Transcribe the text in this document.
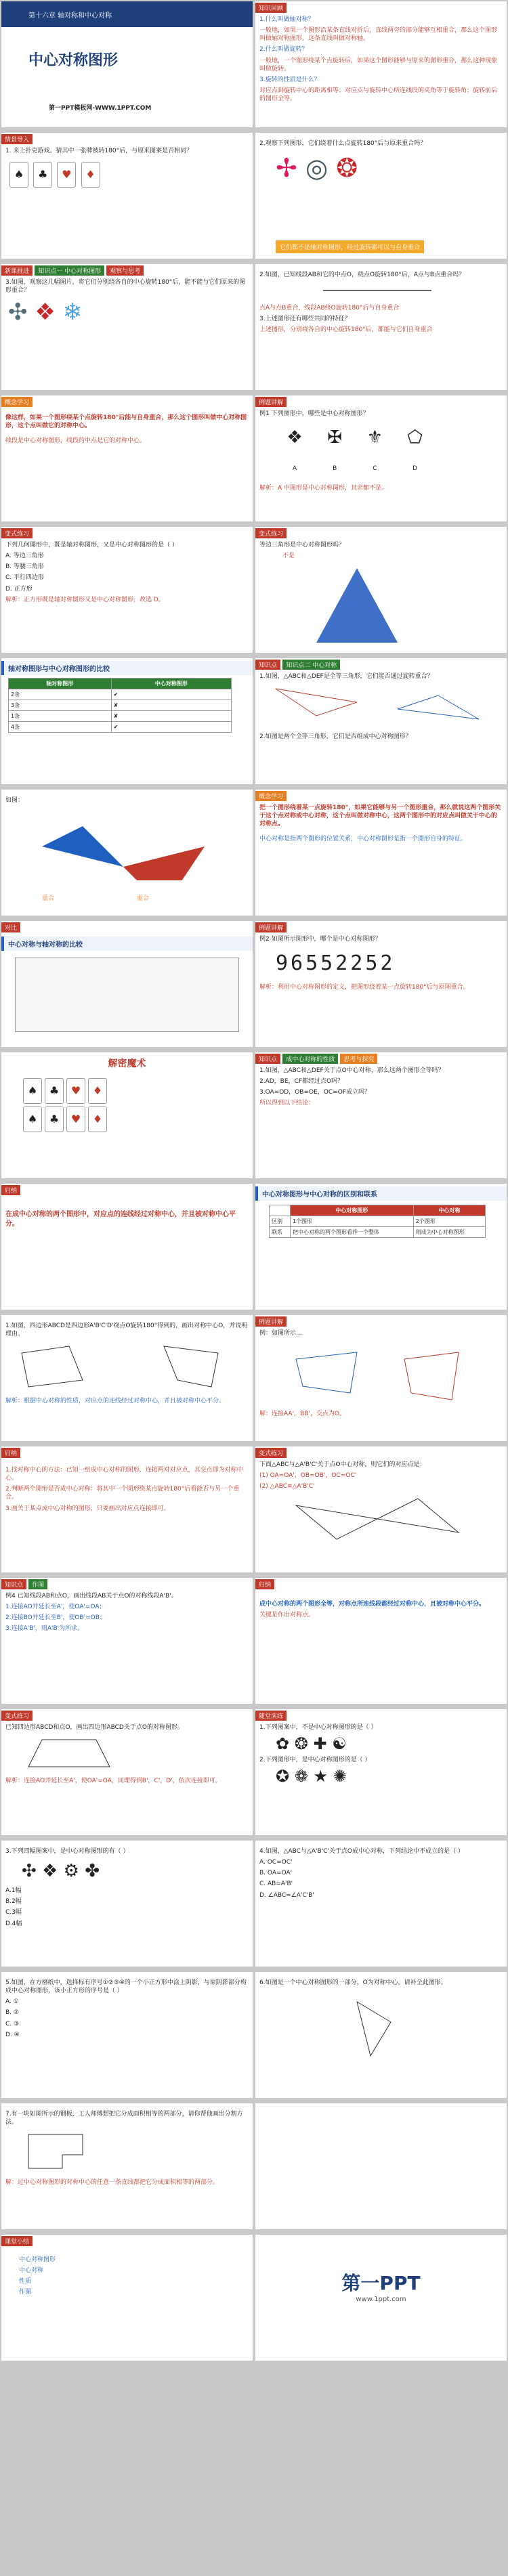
第十六章 轴对称和中心对称
中心对称图形
第一PPT模板网-WWW.1PPT.COM
知识回顾
1.什么叫做轴对称？
一般地，如果一个图形沿某条直线对折后，直线两旁的部分能够互相重合，那么这个图形叫做轴对称图形，这条直线叫做对称轴。
2.什么叫做旋转？
一般地，一个图形绕某个点旋转后，如果这个图形能够与原来的图形重合，那么这种现象叫做旋转。
3.旋转的性质是什么？
对应点到旋转中心的距离相等；对应点与旋转中心所连线段的夹角等于旋转角；旋转前后的图形全等。
情景导入
1. 来上扑克游戏。猜其中一张牌被转180°后，与原来图案是否相同？
♠ ♣ ♥ ♦
2.观察下列图形，它们绕着什么点旋转180°后与原来重合吗？
✢ ◎ ❂
它们都不是轴对称图形，经过旋转都可以与自身重合
新课推进 知识点一 中心对称图形 观察与思考
3.如图，观察这几幅图片，将它们分别绕各自的中心旋转180°后，能不能与它们原来的图形重合？
✣ ❖ ❄
2.如图，已知线段AB和它的中点O，绕点O旋转180°后，A点与B点重合吗？
点A与点B重合，线段AB绕O旋转180°后与自身重合
3.上述图形还有哪些共同的特征？
上述图形，分别绕各自的中心旋转180°后，都能与它们自身重合
概念学习
像这样，如果一个图形绕某个点旋转180°后能与自身重合，那么这个图形叫做中心对称图形，这个点叫做它的对称中心。
线段是中心对称图形，线段的中点是它的对称中心。
例题讲解
例1 下列图形中，哪些是中心对称图形？
❖
A ✠
B ⚜
C ⬠
D
解析：A 中图形是中心对称图形，其余都不是。
变式练习
下列几何图形中，既是轴对称图形，又是中心对称图形的是（ ）
A. 等边三角形
B. 等腰三角形
C. 平行四边形
D. 正方形
解析：正方形既是轴对称图形又是中心对称图形，故选 D。
变式练习
等边三角形是中心对称图形吗？
不是
轴对称图形与中心对称图形的比较
轴对称图形	中心对称图形
2条	✔
3条	✘
1条	✘
4条	✔
知识点 知识点二 中心对称
1.如图，△ABC和△DEF是全等三角形，它们能否通过旋转重合？
2.如图是两个全等三角形，它们是否组成中心对称图形？
如图：
重合	重合
概念学习
把一个图形绕着某一点旋转180°，如果它能够与另一个图形重合，那么就说这两个图形关于这个点对称或中心对称，这个点叫做对称中心，这两个图形中的对应点叫做关于中心的对称点。
中心对称是指两个图形的位置关系，中心对称图形是指一个图形自身的特征。
对比
中心对称与轴对称的比较
例题讲解
例2 如图所示图形中，哪个是中心对称图形？
96552252
解析：利用中心对称图形的定义，把图形绕着某一点旋转180°后与原图重合。
解密魔术
♠ ♣ ♥ ♦
♠ ♣ ♥ ♦
知识点 成中心对称的性质 思考与探究
1.如图，△ABC和△DEF关于点O中心对称，那么这两个图形全等吗？
2.AD，BE，CF都经过点O吗？
3.OA=OD，OB=OE，OC=OF成立吗？
所以得到以下结论：
归纳
在成中心对称的两个图形中，对应点的连线经过对称中心，并且被对称中心平分。
中心对称图形与中心对称的区别和联系
	中心对称图形	中心对称
区别	1个图形	2个图形
联系	把中心对称的两个图形看作一个整体	则成为中心对称图形
1.如图，四边形ABCD是四边形A'B'C'D'绕点O旋转180°得到的，画出对称中心O，并说明理由。
解析：根据中心对称的性质，对应点的连线经过对称中心，并且被对称中心平分。
例题讲解
例：如图所示...
解：连接AA'，BB'，交点为O。
归纳
1.找对称中心的方法：已知一组成中心对称的图形，连接两对对应点，其交点即为对称中心。
2.判断两个图形是否成中心对称：将其中一个图形绕某点旋转180°后看能否与另一个重合。
3.画关于某点成中心对称的图形，只要画出对应点连接即可。
变式练习
下面△ABC与△A'B'C'关于点O中心对称，则它们的对应点是：
(1) OA=OA'，OB=OB'，OC=OC'
(2) △ABC≌△A'B'C'
知识点 作图
例4 已知线段AB和点O，画出线段AB关于点O的对称线段A'B'。
1.连接AO并延长至A'，使OA'=OA；
2.连接BO并延长至B'，使OB'=OB；
3.连接A'B'，则A'B'为所求。
归纳
成中心对称的两个图形全等，对称点所连线段都经过对称中心，且被对称中心平分。
关键是作出对称点。
变式练习
已知四边形ABCD和点O，画出四边形ABCD关于点O的对称图形。
解析：连接AO并延长至A'，使OA'=OA，同理得到B'，C'，D'，依次连接即可。
随堂演练
1.下列图案中，不是中心对称图形的是（ ）
✿ ❂ ✚ ☯
2.下列图形中，是中心对称图形的是（ ）
✪ ❁ ★ ✺
3.下列四幅图案中，是中心对称图形的有（ ）
✣ ❖ ⚙ ✤
A.1幅
B.2幅
C.3幅
D.4幅
4.如图，△ABC与△A'B'C'关于点O成中心对称，下列结论中不成立的是（ ）
A. OC=OC'
B. OA=OA'
C. AB=A'B'
D. ∠ABC=∠A'C'B'
5.如图，在方格纸中，选择标有序号①②③④的一个小正方形中涂上阴影，与原阴影部分构成中心对称图形，该小正方形的序号是（ ）
A. ①
B. ②
C. ③
D. ④
6.如图是一个中心对称图形的一部分，O为对称中心，请补全此图形。
7.有一块如图所示的钢板，工人师傅想把它分成面积相等的两部分，请你帮他画出分割方法。
解：过中心对称图形的对称中心的任意一条直线都把它分成面积相等的两部分。
课堂小结
中心对称图形
中心对称
性质
作图	第一PPT
www.1ppt.com
